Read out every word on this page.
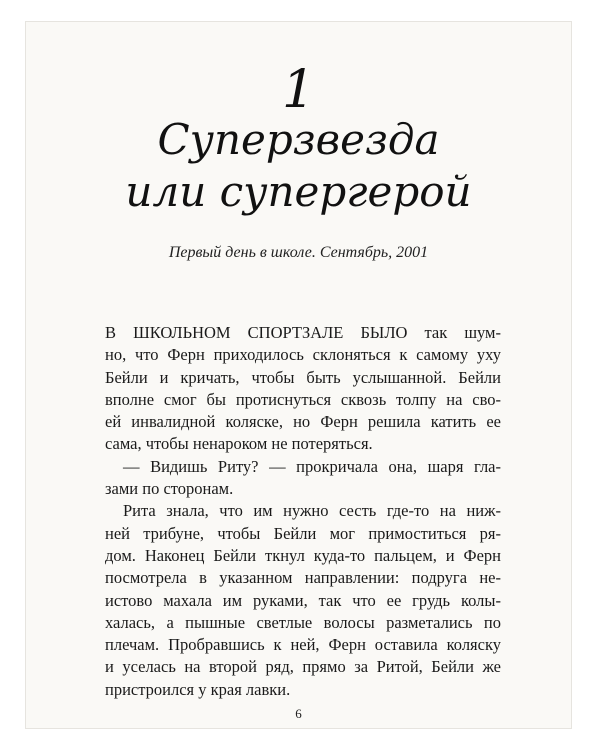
1
Суперзвезда
или супергерой
Первый день в школе. Сентябрь, 2001
В ШКОЛЬНОМ СПОРТЗАЛЕ БЫЛО так шум-
но, что Ферн приходилось склоняться к самому уху
Бейли и кричать, чтобы быть услышанной. Бейли
вполне смог бы протиснуться сквозь толпу на сво-
ей инвалидной коляске, но Ферн решила катить ее
сама, чтобы ненароком не потеряться.
— Видишь Риту? — прокричала она, шаря гла-
зами по сторонам.
Рита знала, что им нужно сесть где-то на ниж-
ней трибуне, чтобы Бейли мог примоститься ря-
дом. Наконец Бейли ткнул куда-то пальцем, и Ферн
посмотрела в указанном направлении: подруга не-
истово махала им руками, так что ее грудь колы-
халась, а пышные светлые волосы разметались по
плечам. Пробравшись к ней, Ферн оставила коляску
и уселась на второй ряд, прямо за Ритой, Бейли же
пристроился у края лавки.
6
